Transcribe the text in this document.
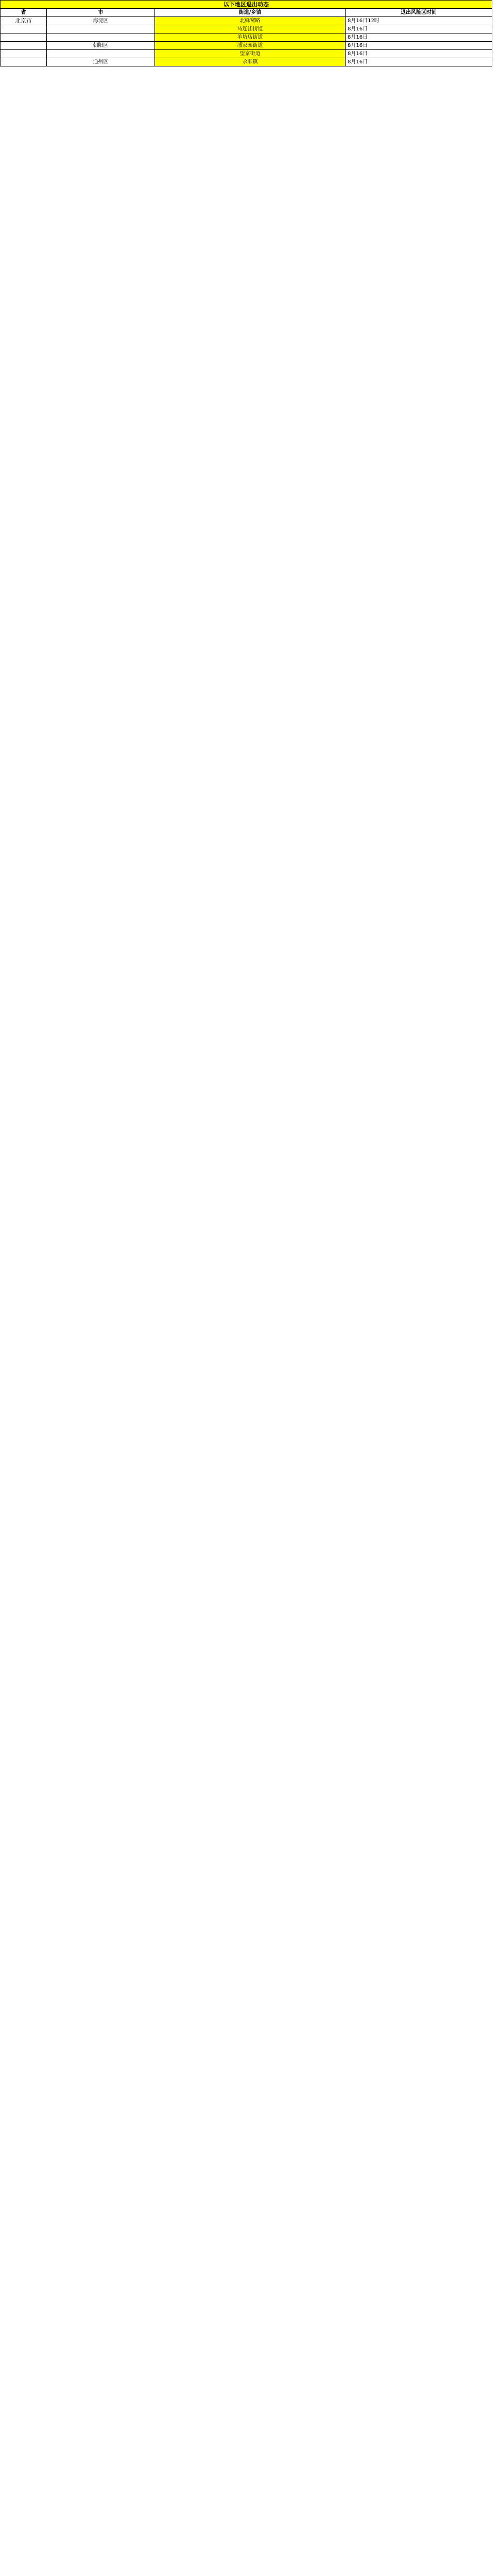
以下地区退出动态			
省	市	街道/乡镇	退出风险区时间
北京市	海淀区	北蜂窝路	8月16日12时
		马连洼街道	8月16日
		羊坊店街道	8月16日
	朝阳区	潘家园街道	8月16日
		望京街道	8月16日
	通州区	永顺镇	8月16日
